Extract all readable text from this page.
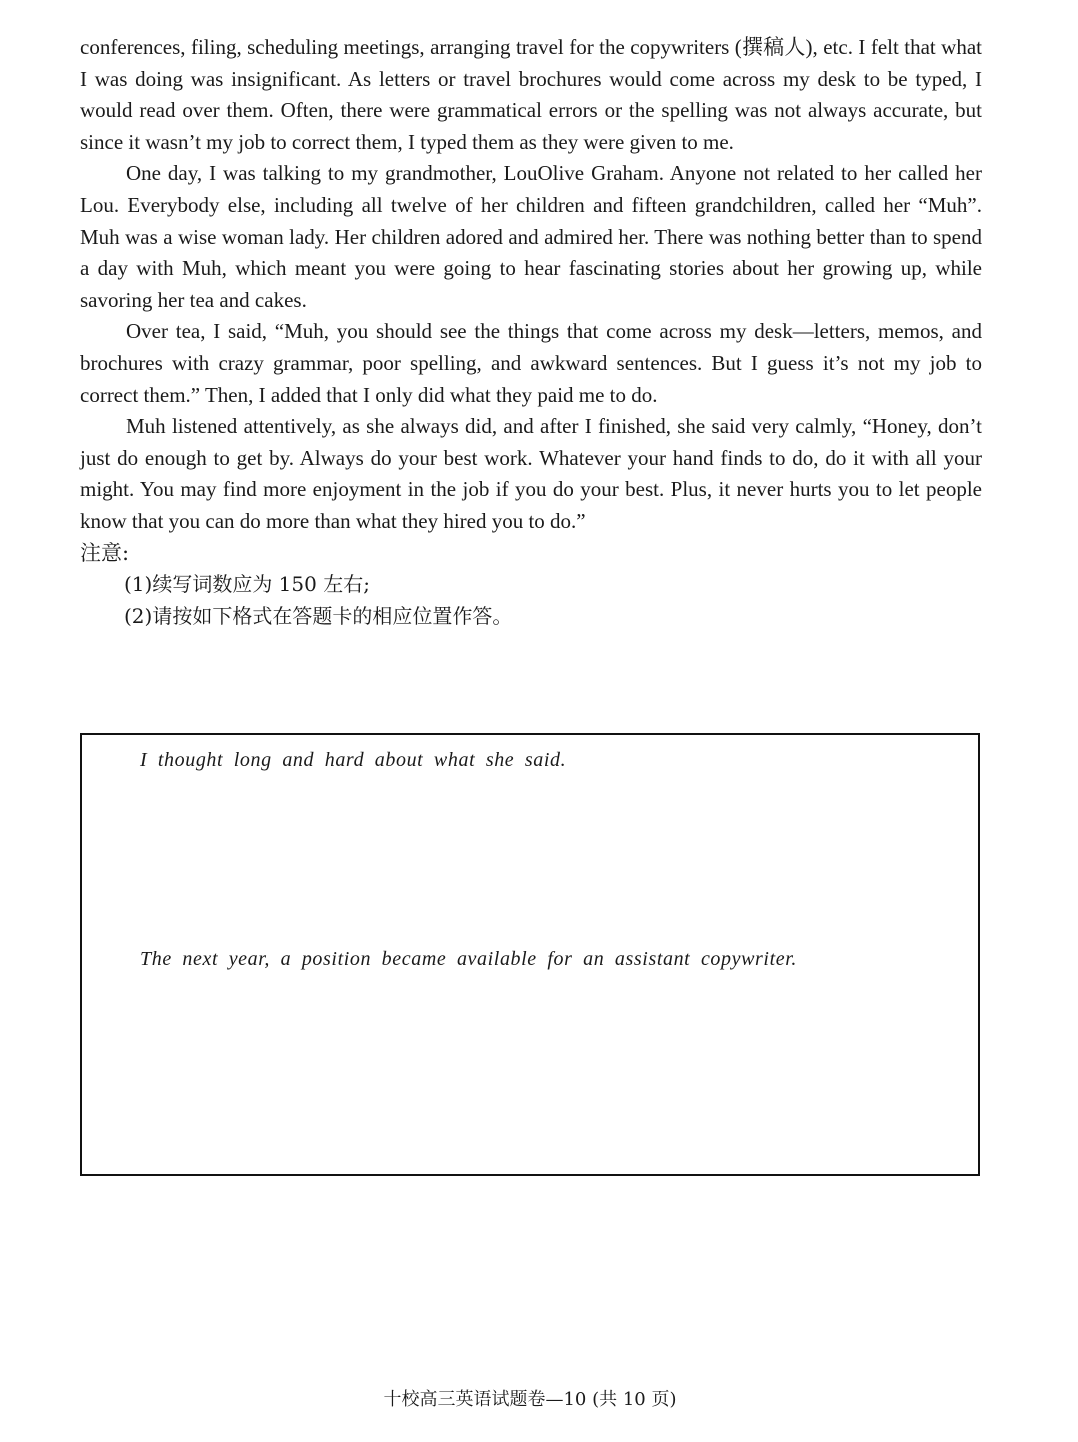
conferences, filing, scheduling meetings, arranging travel for the copywriters (撰稿人), etc. I felt that what I was doing was insignificant. As letters or travel brochures would come across my desk to be typed, I would read over them. Often, there were grammatical errors or the spelling was not always accurate, but since it wasn’t my job to correct them, I typed them as they were given to me.

One day, I was talking to my grandmother, LouOlive Graham. Anyone not related to her called her Lou. Everybody else, including all twelve of her children and fifteen grandchildren, called her “Muh”. Muh was a wise woman lady. Her children adored and admired her. There was nothing better than to spend a day with Muh, which meant you were going to hear fascinating stories about her growing up, while savoring her tea and cakes.

Over tea, I said, “Muh, you should see the things that come across my desk—letters, memos, and brochures with crazy grammar, poor spelling, and awkward sentences. But I guess it’s not my job to correct them.” Then, I added that I only did what they paid me to do.

Muh listened attentively, as she always did, and after I finished, she said very calmly, “Honey, don’t just do enough to get by. Always do your best work. Whatever your hand finds to do, do it with all your might. You may find more enjoyment in the job if you do your best. Plus, it never hurts you to let people know that you can do more than what they hired you to do.”

注意:

(1)续写词数应为 150 左右;

(2)请按如下格式在答题卡的相应位置作答。

I thought long and hard about what she said.

The next year, a position became available for an assistant copywriter.

十校高三英语试题卷—10 (共 10 页)
